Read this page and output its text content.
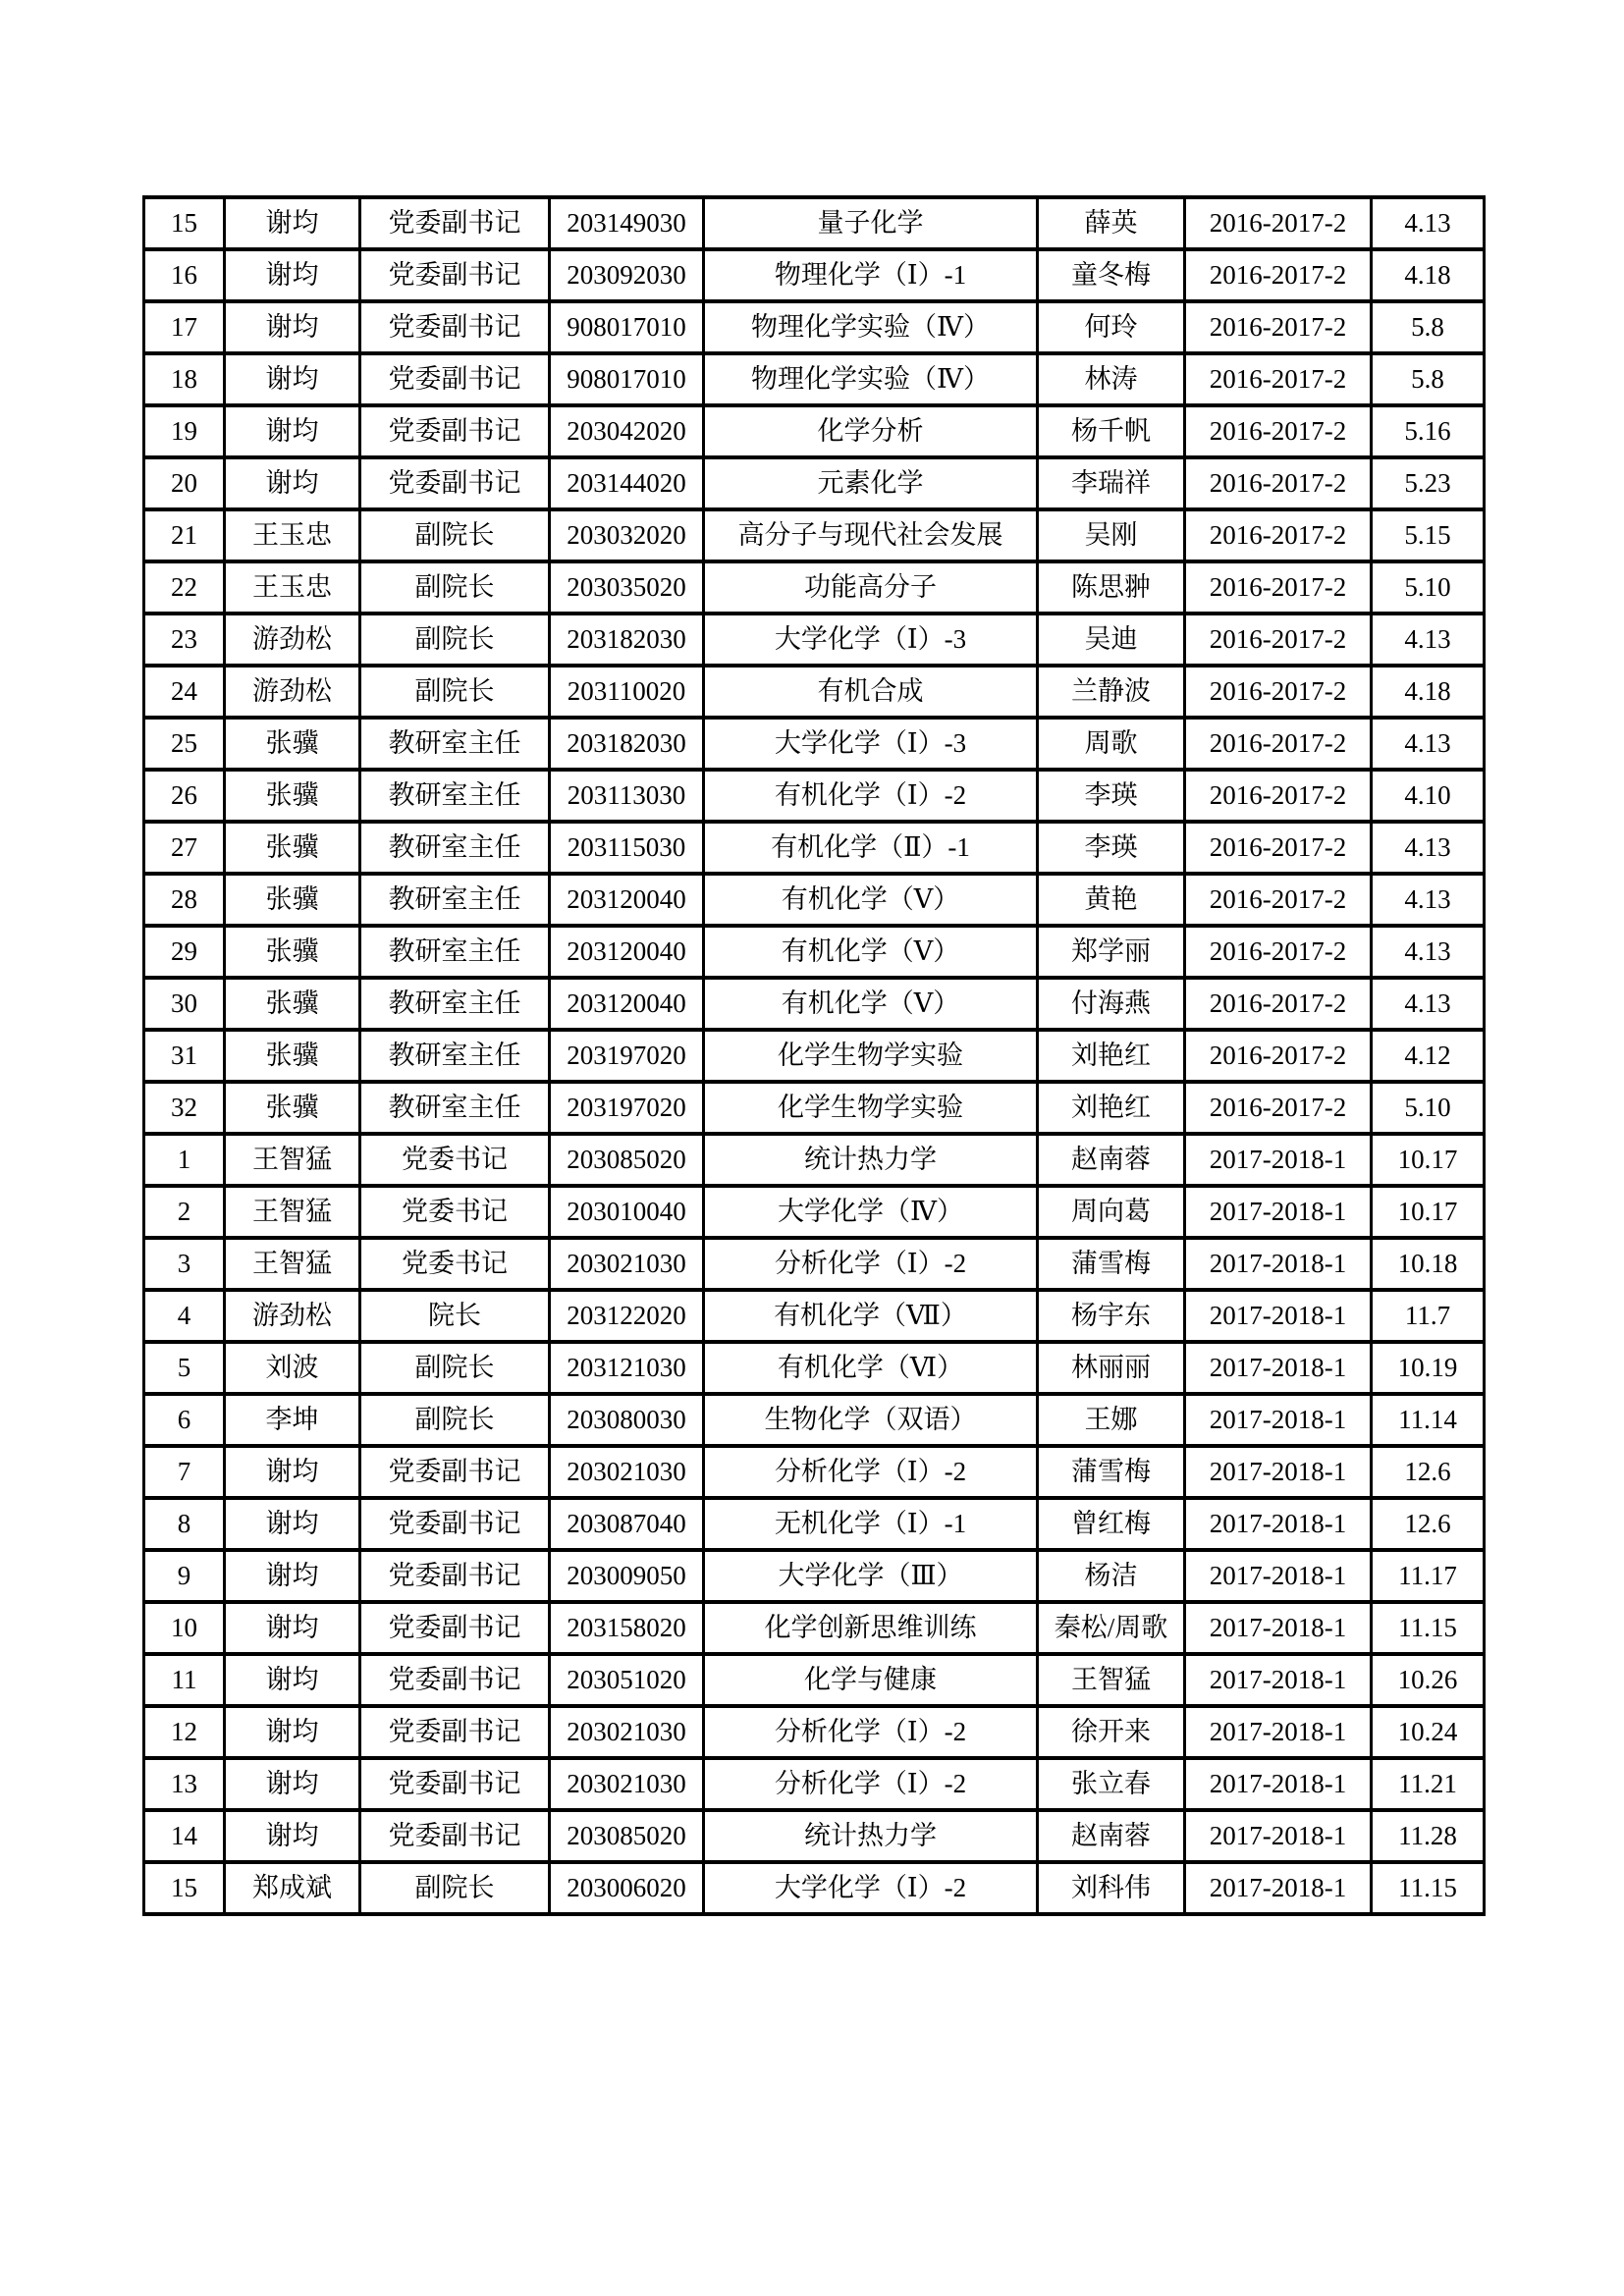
15	谢均	党委副书记	203149030	量子化学	薛英	2016-2017-2	4.13
16	谢均	党委副书记	203092030	物理化学（Ⅰ）-1	童冬梅	2016-2017-2	4.18
17	谢均	党委副书记	908017010	物理化学实验（Ⅳ）	何玲	2016-2017-2	5.8
18	谢均	党委副书记	908017010	物理化学实验（Ⅳ）	林涛	2016-2017-2	5.8
19	谢均	党委副书记	203042020	化学分析	杨千帆	2016-2017-2	5.16
20	谢均	党委副书记	203144020	元素化学	李瑞祥	2016-2017-2	5.23
21	王玉忠	副院长	203032020	高分子与现代社会发展	吴刚	2016-2017-2	5.15
22	王玉忠	副院长	203035020	功能高分子	陈思翀	2016-2017-2	5.10
23	游劲松	副院长	203182030	大学化学（Ⅰ）-3	吴迪	2016-2017-2	4.13
24	游劲松	副院长	203110020	有机合成	兰静波	2016-2017-2	4.18
25	张骥	教研室主任	203182030	大学化学（Ⅰ）-3	周歌	2016-2017-2	4.13
26	张骥	教研室主任	203113030	有机化学（Ⅰ）-2	李瑛	2016-2017-2	4.10
27	张骥	教研室主任	203115030	有机化学（Ⅱ）-1	李瑛	2016-2017-2	4.13
28	张骥	教研室主任	203120040	有机化学（Ⅴ）	黄艳	2016-2017-2	4.13
29	张骥	教研室主任	203120040	有机化学（Ⅴ）	郑学丽	2016-2017-2	4.13
30	张骥	教研室主任	203120040	有机化学（Ⅴ）	付海燕	2016-2017-2	4.13
31	张骥	教研室主任	203197020	化学生物学实验	刘艳红	2016-2017-2	4.12
32	张骥	教研室主任	203197020	化学生物学实验	刘艳红	2016-2017-2	5.10
1	王智猛	党委书记	203085020	统计热力学	赵南蓉	2017-2018-1	10.17
2	王智猛	党委书记	203010040	大学化学（Ⅳ）	周向葛	2017-2018-1	10.17
3	王智猛	党委书记	203021030	分析化学（Ⅰ）-2	蒲雪梅	2017-2018-1	10.18
4	游劲松	院长	203122020	有机化学（Ⅶ）	杨宇东	2017-2018-1	11.7
5	刘波	副院长	203121030	有机化学（Ⅵ）	林丽丽	2017-2018-1	10.19
6	李坤	副院长	203080030	生物化学（双语）	王娜	2017-2018-1	11.14
7	谢均	党委副书记	203021030	分析化学（Ⅰ）-2	蒲雪梅	2017-2018-1	12.6
8	谢均	党委副书记	203087040	无机化学（Ⅰ）-1	曾红梅	2017-2018-1	12.6
9	谢均	党委副书记	203009050	大学化学（Ⅲ）	杨洁	2017-2018-1	11.17
10	谢均	党委副书记	203158020	化学创新思维训练	秦松/周歌	2017-2018-1	11.15
11	谢均	党委副书记	203051020	化学与健康	王智猛	2017-2018-1	10.26
12	谢均	党委副书记	203021030	分析化学（Ⅰ）-2	徐开来	2017-2018-1	10.24
13	谢均	党委副书记	203021030	分析化学（Ⅰ）-2	张立春	2017-2018-1	11.21
14	谢均	党委副书记	203085020	统计热力学	赵南蓉	2017-2018-1	11.28
15	郑成斌	副院长	203006020	大学化学（Ⅰ）-2	刘科伟	2017-2018-1	11.15
